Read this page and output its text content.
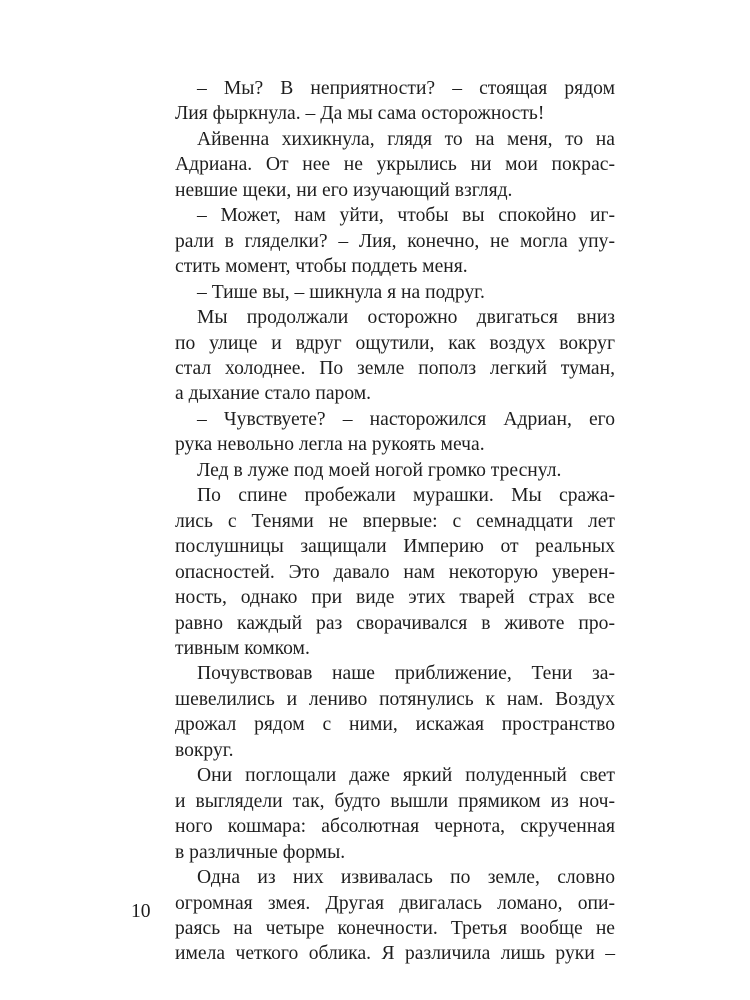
– Мы? В неприятности? – стоящая рядом
Лия фыркнула. – Да мы сама осторожность!

Айвенна хихикнула, глядя то на меня, то на
Адриана. От нее не укрылись ни мои покрас-
невшие щеки, ни его изучающий взгляд.

– Может, нам уйти, чтобы вы спокойно иг-
рали в гляделки? – Лия, конечно, не могла упу-
стить момент, чтобы поддеть меня.

– Тише вы, – шикнула я на подруг.

Мы продолжали осторожно двигаться вниз
по улице и вдруг ощутили, как воздух вокруг
стал холоднее. По земле пополз легкий туман,
а дыхание стало паром.

– Чувствуете? – насторожился Адриан, его
рука невольно легла на рукоять меча.

Лед в луже под моей ногой громко треснул.

По спине пробежали мурашки. Мы сража-
лись с Тенями не впервые: с семнадцати лет
послушницы защищали Империю от реальных
опасностей. Это давало нам некоторую уверен-
ность, однако при виде этих тварей страх все
равно каждый раз сворачивался в животе про-
тивным комком.

Почувствовав наше приближение, Тени за-
шевелились и лениво потянулись к нам. Воздух
дрожал рядом с ними, искажая пространство
вокруг.

Они поглощали даже яркий полуденный свет
и выглядели так, будто вышли прямиком из ноч-
ного кошмара: абсолютная чернота, скрученная
в различные формы.

Одна из них извивалась по земле, словно
огромная змея. Другая двигалась ломано, опи-
раясь на четыре конечности. Третья вообще не
имела четкого облика. Я различила лишь руки –

10
